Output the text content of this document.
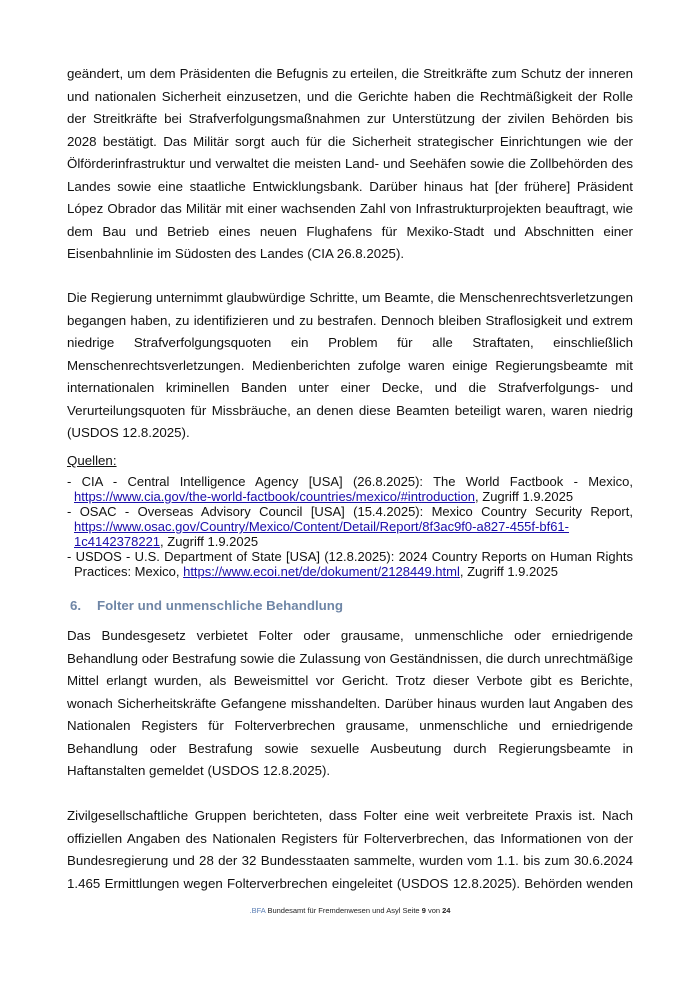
geändert, um dem Präsidenten die Befugnis zu erteilen, die Streitkräfte zum Schutz der inneren und nationalen Sicherheit einzusetzen, und die Gerichte haben die Rechtmäßigkeit der Rolle der Streitkräfte bei Strafverfolgungsmaßnahmen zur Unterstützung der zivilen Behörden bis 2028 bestätigt. Das Militär sorgt auch für die Sicherheit strategischer Einrichtungen wie der Ölförderinfrastruktur und verwaltet die meisten Land- und Seehäfen sowie die Zollbehörden des Landes sowie eine staatliche Entwicklungsbank. Darüber hinaus hat [der frühere] Präsident López Obrador das Militär mit einer wachsenden Zahl von Infrastrukturprojekten beauftragt, wie dem Bau und Betrieb eines neuen Flughafens für Mexiko-Stadt und Abschnitten einer Eisenbahnlinie im Südosten des Landes (CIA 26.8.2025).

Die Regierung unternimmt glaubwürdige Schritte, um Beamte, die Menschenrechtsverletzungen begangen haben, zu identifizieren und zu bestrafen. Dennoch bleiben Straflosigkeit und extrem niedrige Strafverfolgungsquoten ein Problem für alle Straftaten, einschließlich Menschenrechtsverletzungen. Medienberichten zufolge waren einige Regierungsbeamte mit internationalen kriminellen Banden unter einer Decke, und die Strafverfolgungs- und Verurteilungsquoten für Missbräuche, an denen diese Beamten beteiligt waren, waren niedrig (USDOS 12.8.2025).

Quellen:

- CIA - Central Intelligence Agency [USA] (26.8.2025): The World Factbook - Mexico, https://www.cia.gov/the-world-factbook/countries/mexico/#introduction, Zugriff 1.9.2025
- OSAC - Overseas Advisory Council [USA] (15.4.2025): Mexico Country Security Report, https://www.osac.gov/Country/Mexico/Content/Detail/Report/8f3ac9f0-a827-455f-bf61-1c4142378221, Zugriff 1.9.2025
- USDOS - U.S. Department of State [USA] (12.8.2025): 2024 Country Reports on Human Rights Practices: Mexico, https://www.ecoi.net/de/dokument/2128449.html, Zugriff 1.9.2025
6. Folter und unmenschliche Behandlung

Das Bundesgesetz verbietet Folter oder grausame, unmenschliche oder erniedrigende Behandlung oder Bestrafung sowie die Zulassung von Geständnissen, die durch unrechtmäßige Mittel erlangt wurden, als Beweismittel vor Gericht. Trotz dieser Verbote gibt es Berichte, wonach Sicherheitskräfte Gefangene misshandelten. Darüber hinaus wurden laut Angaben des Nationalen Registers für Folterverbrechen grausame, unmenschliche und erniedrigende Behandlung oder Bestrafung sowie sexuelle Ausbeutung durch Regierungsbeamte in Haftanstalten gemeldet (USDOS 12.8.2025).

Zivilgesellschaftliche Gruppen berichteten, dass Folter eine weit verbreitete Praxis ist. Nach offiziellen Angaben des Nationalen Registers für Folterverbrechen, das Informationen von der Bundesregierung und 28 der 32 Bundesstaaten sammelte, wurden vom 1.1. bis zum 30.6.2024 1.465 Ermittlungen wegen Folterverbrechen eingeleitet (USDOS 12.8.2025). Behörden wenden

.BFA Bundesamt für Fremdenwesen und Asyl Seite 9 von 24
